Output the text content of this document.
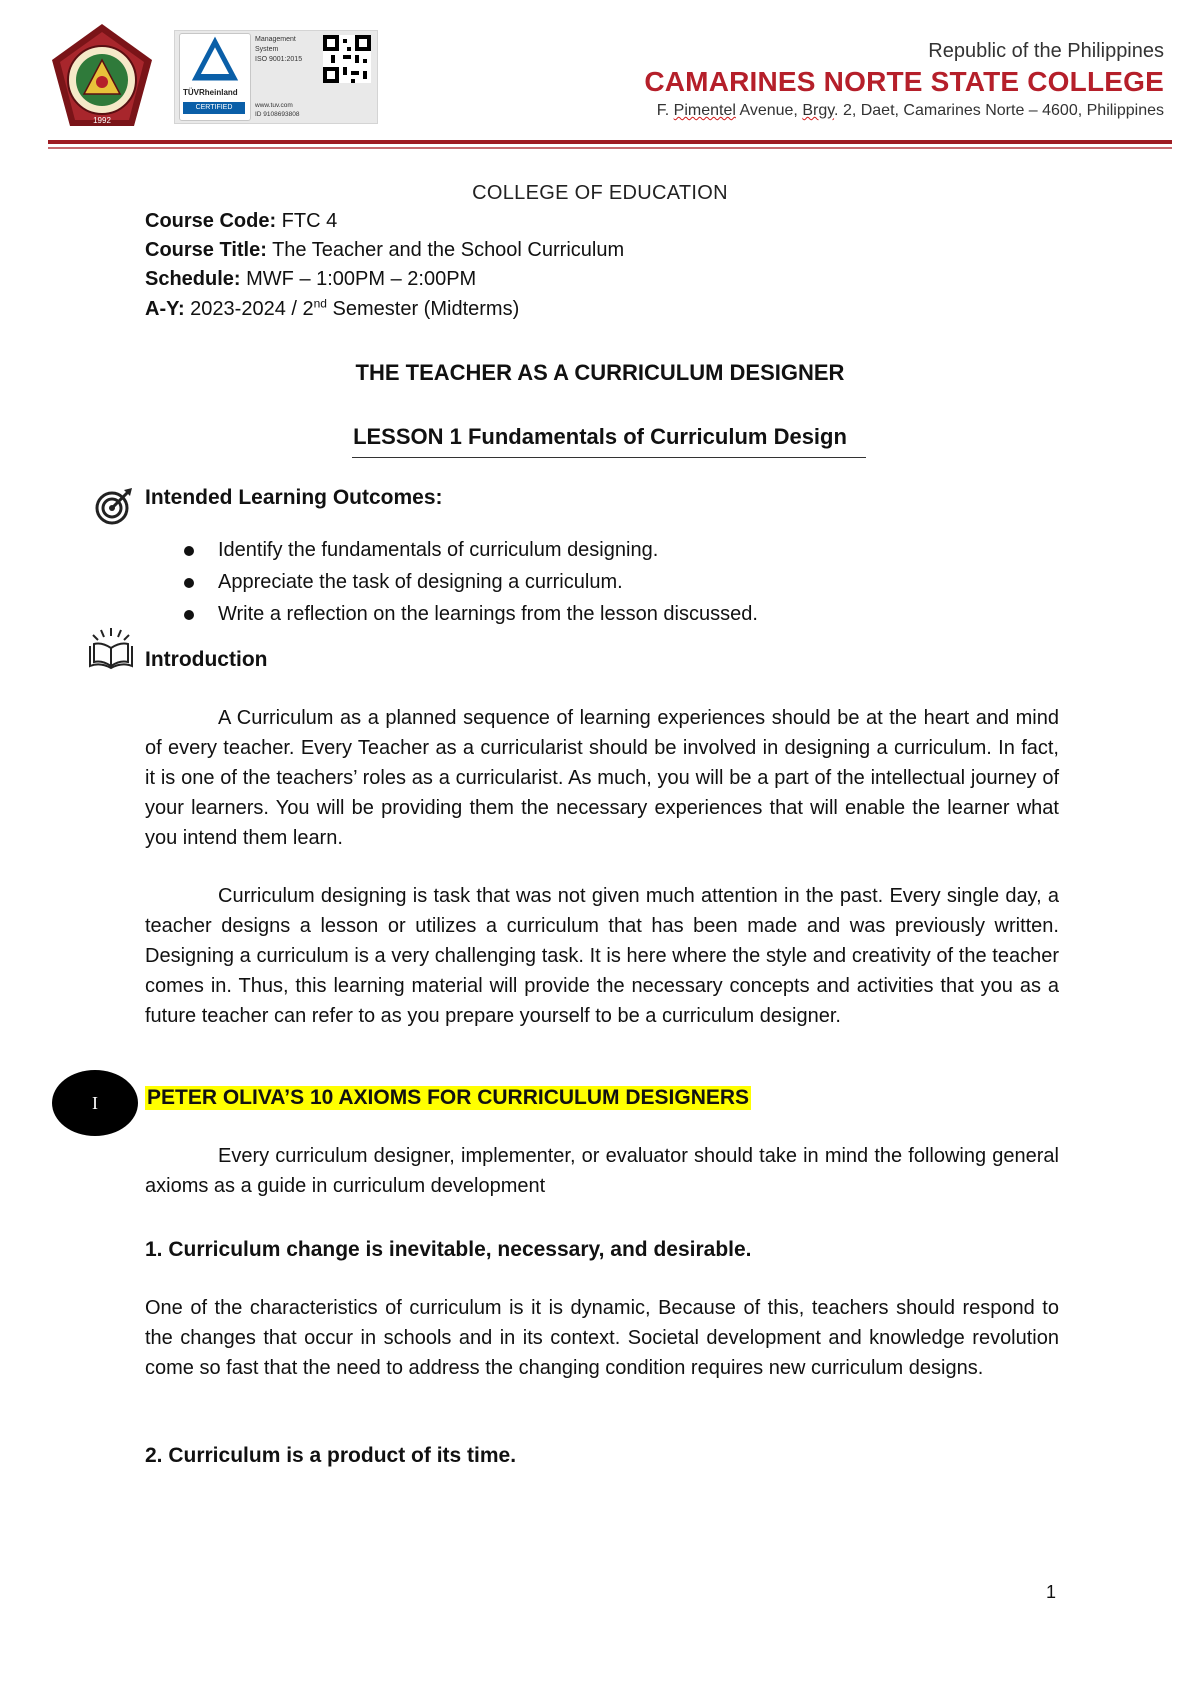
1992
TÜVRheinland
CERTIFIED
Management
System
ISO 9001:2015
www.tuv.com
ID 9108693808
Republic of the Philippines
CAMARINES NORTE STATE COLLEGE
F. Pimentel Avenue, Brgy. 2, Daet, Camarines Norte – 4600, Philippines
COLLEGE OF EDUCATION
Course Code: FTC 4
Course Title: The Teacher and the School Curriculum
Schedule: MWF – 1:00PM – 2:00PM
A-Y: 2023-2024 / 2nd Semester (Midterms)
THE TEACHER AS A CURRICULUM DESIGNER
LESSON 1 Fundamentals of Curriculum Design
Intended Learning Outcomes:
Identify the fundamentals of curriculum designing.
Appreciate the task of designing a curriculum.
Write a reflection on the learnings from the lesson discussed.
Introduction
A Curriculum as a planned sequence of learning experiences should be at the heart and mind of every teacher. Every Teacher as a curricularist should be involved in designing a curriculum. In fact, it is one of the teachers’ roles as a curricularist. As much, you will be a part of the intellectual journey of your learners. You will be providing them the necessary experiences that will enable the learner what you intend them learn.
Curriculum designing is task that was not given much attention in the past. Every single day, a teacher designs a lesson or utilizes a curriculum that has been made and was previously written. Designing a curriculum is a very challenging task. It is here where the style and creativity of the teacher comes in. Thus, this learning material will provide the necessary concepts and activities that you as a future teacher can refer to as you prepare yourself to be a curriculum designer.
I	PETER OLIVA’S 10 AXIOMS FOR CURRICULUM DESIGNERS
Every curriculum designer, implementer, or evaluator should take in mind the following general axioms as a guide in curriculum development
1. Curriculum change is inevitable, necessary, and desirable.
One of the characteristics of curriculum is it is dynamic, Because of this, teachers should respond to the changes that occur in schools and in its context. Societal development and knowledge revolution come so fast that the need to address the changing condition requires new curriculum designs.
2. Curriculum is a product of its time.
1
